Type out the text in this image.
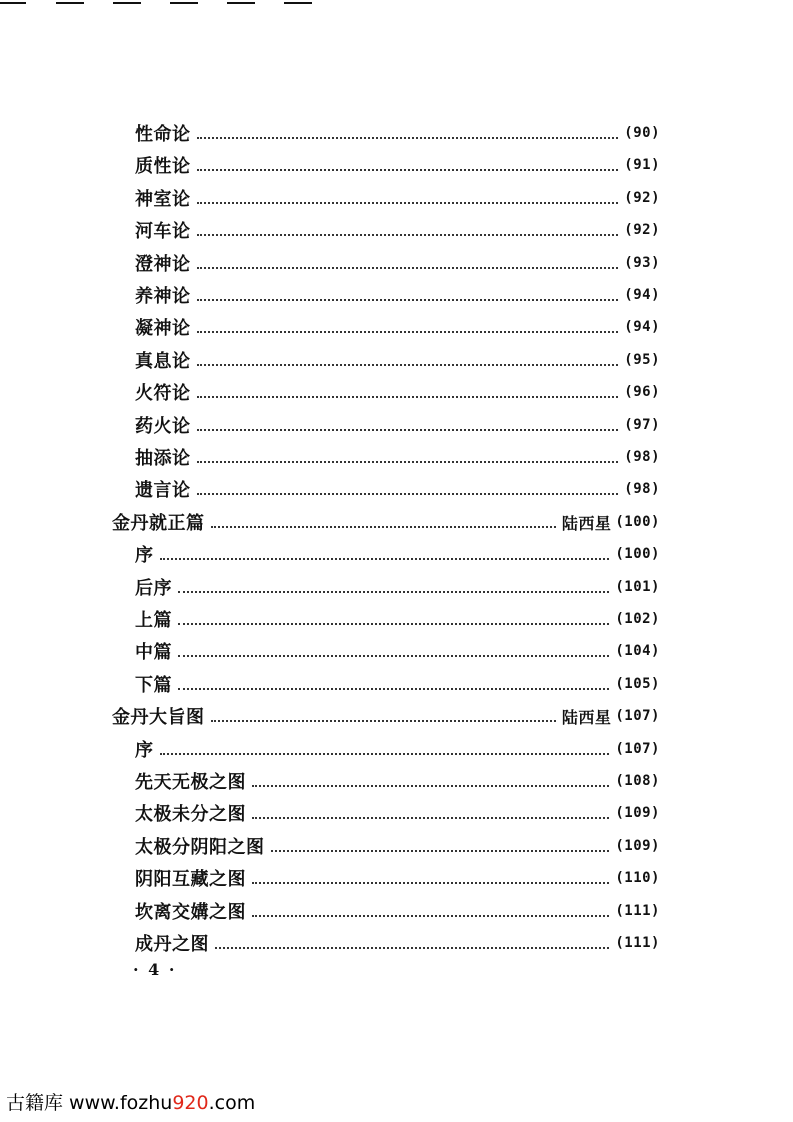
性命论	(90)
质性论	(91)
神室论	(92)
河车论	(92)
澄神论	(93)
养神论	(94)
凝神论	(94)
真息论	(95)
火符论	(96)
药火论	(97)
抽添论	(98)
遗言论	(98)
金丹就正篇	陆西星 (100)
序	(100)
后序	(101)
上篇	(102)
中篇	(104)
下篇	(105)
金丹大旨图	陆西星 (107)
序	(107)
先天无极之图	(108)
太极未分之图	(109)
太极分阴阳之图	(109)
阴阳互藏之图	(110)
坎离交媾之图	(111)
成丹之图	(111)
· 4 ·
古籍库 www.fozhu920.com
